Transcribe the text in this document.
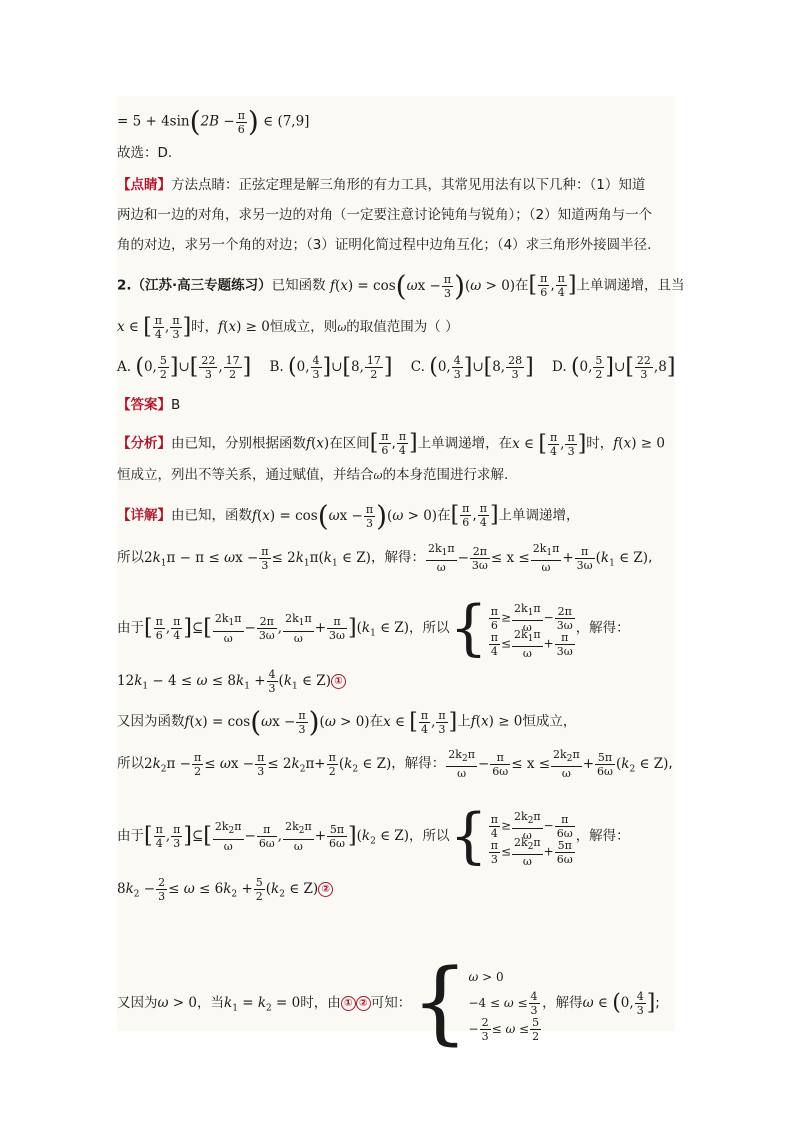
= $5 + 4\sin(2B - \frac{\pi}{6}$ ) ∈ (7,9]
故选：D.
【点睛】方法点睛：正弦定理是解三角形的有力工具，其常见用法有以下几种：（1）知道
两边和一边的对角，求另一边的对角（一定要注意讨论钝角与锐角）；（2）知道两角与一个
角的对边，求另一个角的对边；（3）证明化简过程中边角互化；（4）求三角形外接圆半径.
2.（江苏·高三专题练习）已知函数 $f(x) = \cos(\omega x - \frac{\pi}{3} )(\omega > 0)$在[ $\frac{\pi}{6}$ , $\frac{\pi}{4}$ ]上单调递增，且当
x ∈ [ $\frac{\pi}{4}$ , $\frac{\pi}{3}$ ]时，f(x) ≥ 0恒成立，则ω的取值范围为（ ）
A. (0, $\frac{5}{2}$ ]∪[ $\frac{22}{3}$ , $\frac{17}{2}$ ] B. (0, $\frac{4}{3}$ ]∪[8, $\frac{17}{2}$ ] C. (0, $\frac{4}{3}$ ]∪[8, $\frac{28}{3}$ ] D. (0, $\frac{5}{2}$ ]∪[ $\frac{22}{3} ,8$]
【答案】B
【分析】由已知，分别根据函数f(x)在区间[ $\frac{\pi}{6}$ , $\frac{\pi}{4}$ ]上单调递增，在x ∈ [ $\frac{\pi}{4}$ , $\frac{\pi}{3}$ ]时，f(x) ≥ 0
恒成立，列出不等关系，通过赋值，并结合ω的本身范围进行求解.
【详解】由已知，函数$f(x) = \cos(\omega x - \frac{\pi}{3} )(\omega > 0)$在[ $\frac{\pi}{6}$ , $\frac{\pi}{4}$ ]上单调递增，
所以$2k_1\pi - \pi \le \omega x - \frac{\pi}{3} \le 2k_1\pi(k_1$ ∈ Z)，解得： $\frac{2k_1\pi}{\omega} - \frac{2\pi}{3\omega} \le x \le \frac{2k_1\pi}{\omega} + \frac{\pi}{3\omega} (k_1$ ∈ Z),
由于[ $\frac{\pi}{6}$ , $\frac{\pi}{4}$ ]⊆[ $\frac{2k_1\pi}{\omega} - \frac{2\pi}{3\omega}$ , $\frac{2k_1\pi}{\omega} + \frac{\pi}{3\omega} ](k_1$ ∈ Z)，所以{ $\frac{\pi}{6} \ge \frac{2k_1\pi}{\omega} - \frac{2\pi}{3\omega}$
$\frac{\pi}{4} \le \frac{2k_1\pi}{\omega} + \frac{\pi}{3\omega}$
，解得：
$12k_1 - 4 \le \omega \le 8k_1 + \frac{4}{3} (k_1$ ∈ Z) ①
又因为函数$f(x) = \cos(\omega x - \frac{\pi}{3} )(\omega > 0)$在x ∈ [ $\frac{\pi}{4}$ , $\frac{\pi}{3}$ ]上f(x) ≥ 0恒成立，
所以$2k_2\pi - \frac{\pi}{2} \le \omega x - \frac{\pi}{3} \le 2k_2\pi+ \frac{\pi}{2} (k_2$ ∈ Z)，解得： $\frac{2k_2\pi}{\omega} - \frac{\pi}{6\omega} \le x \le \frac{2k_2\pi}{\omega} + \frac{5\pi}{6\omega} (k_2$ ∈ Z),
由于[ $\frac{\pi}{4}$ , $\frac{\pi}{3}$ ]⊆[ $\frac{2k_2\pi}{\omega} - \frac{\pi}{6\omega}$ , $\frac{2k_2\pi}{\omega} + \frac{5\pi}{6\omega} ](k_2$ ∈ Z)，所以{ $\frac{\pi}{4} \ge \frac{2k_2\pi}{\omega} - \frac{\pi}{6\omega}$
$\frac{\pi}{3} \le \frac{2k_2\pi}{\omega} + \frac{5\pi}{6\omega}$
，解得：
$8k_2 - \frac{2}{3} \le \omega \le 6k_2 + \frac{5}{2} (k_2$ ∈ Z) ②
又因为ω > 0，当$k_1 = k_2 = 0$时，由 ① ② 可知：{ ω > 0
$-4 \le \omega \le \frac{4}{3}$
− $\frac{2}{3} \le \omega \le \frac{5}{2}$
，解得ω ∈ (0, $\frac{4}{3}$ ];
